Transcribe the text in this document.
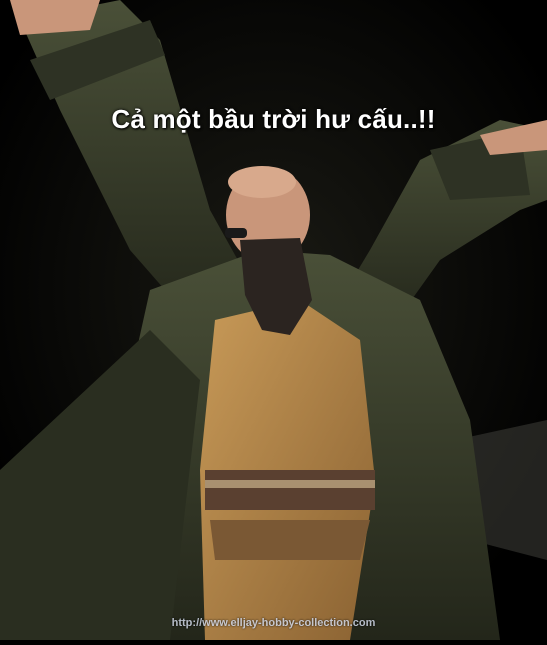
Cả một bầu trời hư cấu..!!
http://www.elljay-hobby-collection.com
